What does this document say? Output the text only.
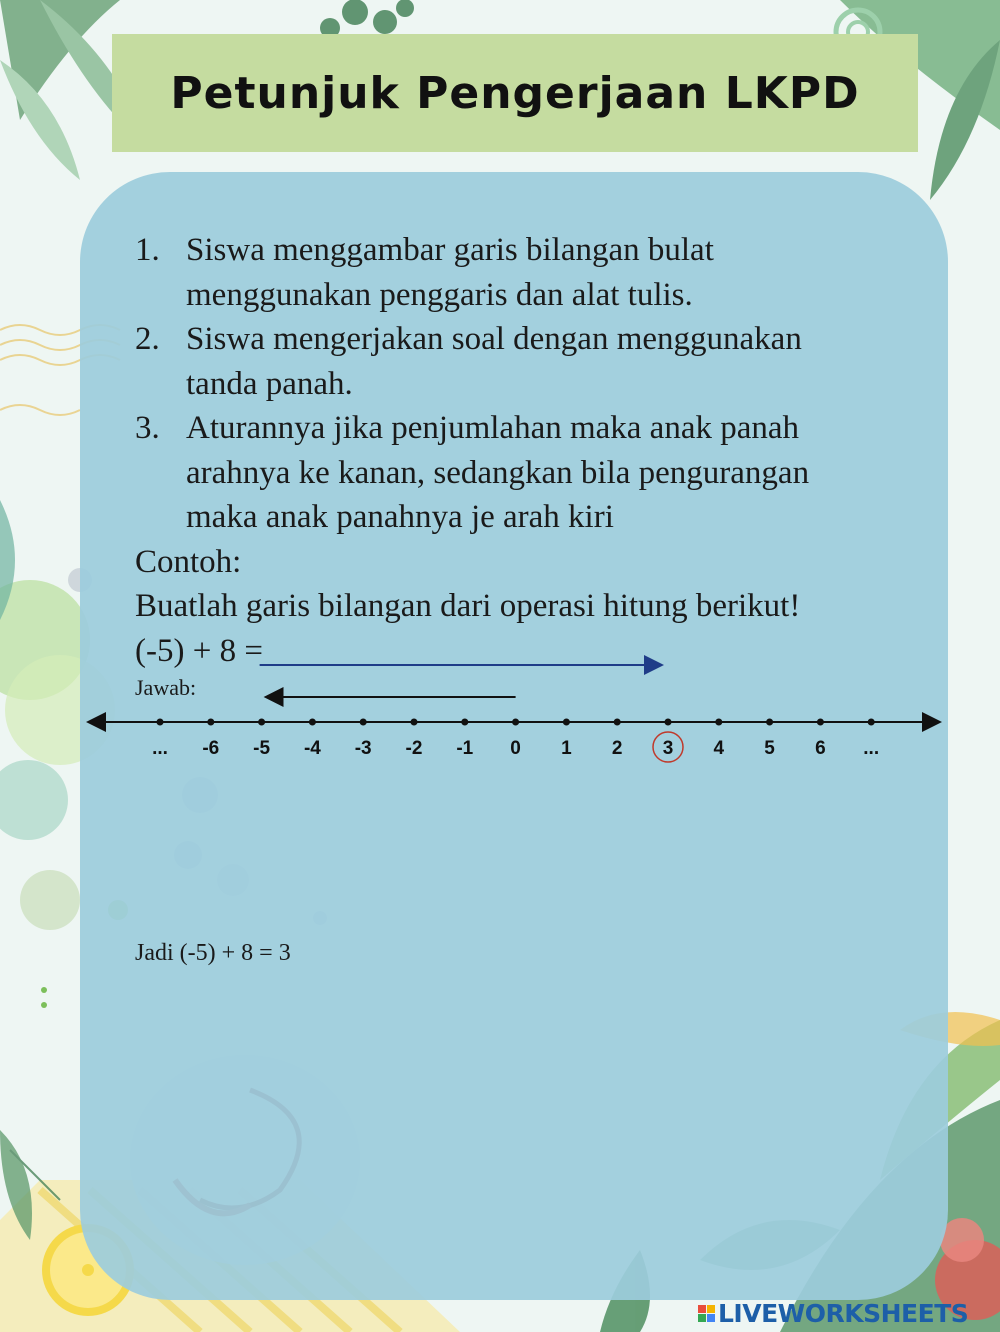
Petunjuk Pengerjaan LKPD
1. Siswa menggambar garis bilangan bulat
menggunakan penggaris dan alat tulis.
2. Siswa mengerjakan soal dengan menggunakan
tanda panah.
3. Aturannya jika penjumlahan maka anak panah
arahnya ke kanan, sedangkan bila pengurangan
maka anak panahnya je arah kiri
Contoh:
Buatlah garis bilangan dari operasi hitung berikut!
(-5) + 8 =
Jawab:
... -6 -5 -4 -3 -2 -1 0 1 2 3 4 5 6 ...
Jadi (-5) + 8 = 3
LIVEWORKSHEETS
